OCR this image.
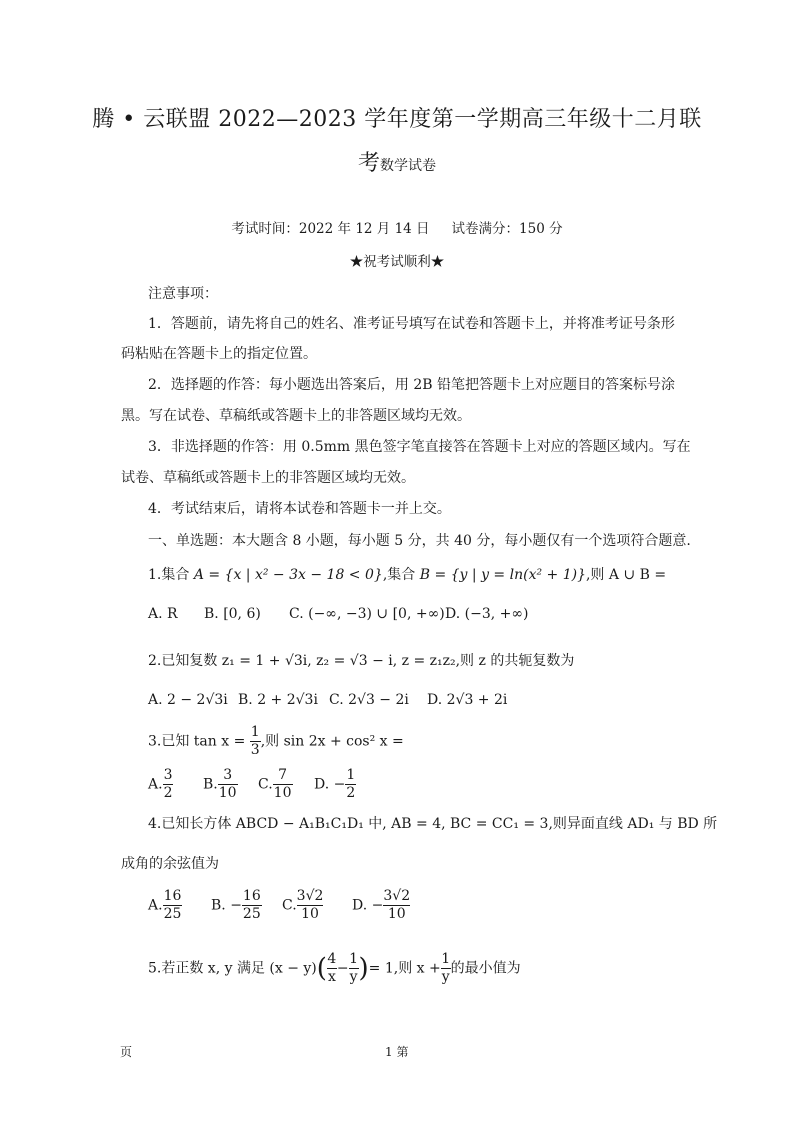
腾 • 云联盟 2022—2023 学年度第一学期高三年级十二月联
考数学试卷
考试时间：2022 年 12 月 14 日 试卷满分：150 分
★祝考试顺利★
注意事项：
1．答题前，请先将自己的姓名、准考证号填写在试卷和答题卡上，并将准考证号条形
码粘贴在答题卡上的指定位置。
2．选择题的作答：每小题选出答案后，用 2B 铅笔把答题卡上对应题目的答案标号涂
黑。写在试卷、草稿纸或答题卡上的非答题区域均无效。
3．非选择题的作答：用 0.5mm 黑色签字笔直接答在答题卡上对应的答题区域内。写在
试卷、草稿纸或答题卡上的非答题区域均无效。
4．考试结束后，请将本试卷和答题卡一并上交。
一、单选题：本大题含 8 小题，每小题 5 分，共 40 分，每小题仅有一个选项符合题意.
1.集合 A = {x | x² − 3x − 18 < 0},集合 B = {y | y = ln(x² + 1)},则 A ∪ B =
A. R B. [0, 6) C. (−∞, −3) ∪ [0, +∞) D. (−3, +∞)
2.已知复数 z₁ = 1 + √3i, z₂ = √3 − i, z = z₁z₂,则 z 的共轭复数为
A. 2 − 2√3i B. 2 + 2√3i C. 2√3 − 2i D. 2√3 + 2i
3.已知 $\tan x = \frac{1}{3}$ ,则 sin 2x + cos² x =
A. $\frac{3}{2} B$. $\frac{3}{10} C$. $\frac{7}{10} D$. − $\frac{1}{2}$
4.已知长方体 ABCD − A₁B₁C₁D₁ 中, AB = 4, BC = CC₁ = 3,则异面直线 AD₁ 与 BD 所
成角的余弦值为
A. $\frac{16}{25} B$. − $\frac{16}{25} C$. $\frac{3√2}{10} D$. − $\frac{3√2}{10}$
5.若正数 x, y 满足 $(x - y)( \frac{4}{x} - \frac{1}{y}$ )= 1,则 $x + \frac{1}{y}$ 的最小值为
页	1 第
